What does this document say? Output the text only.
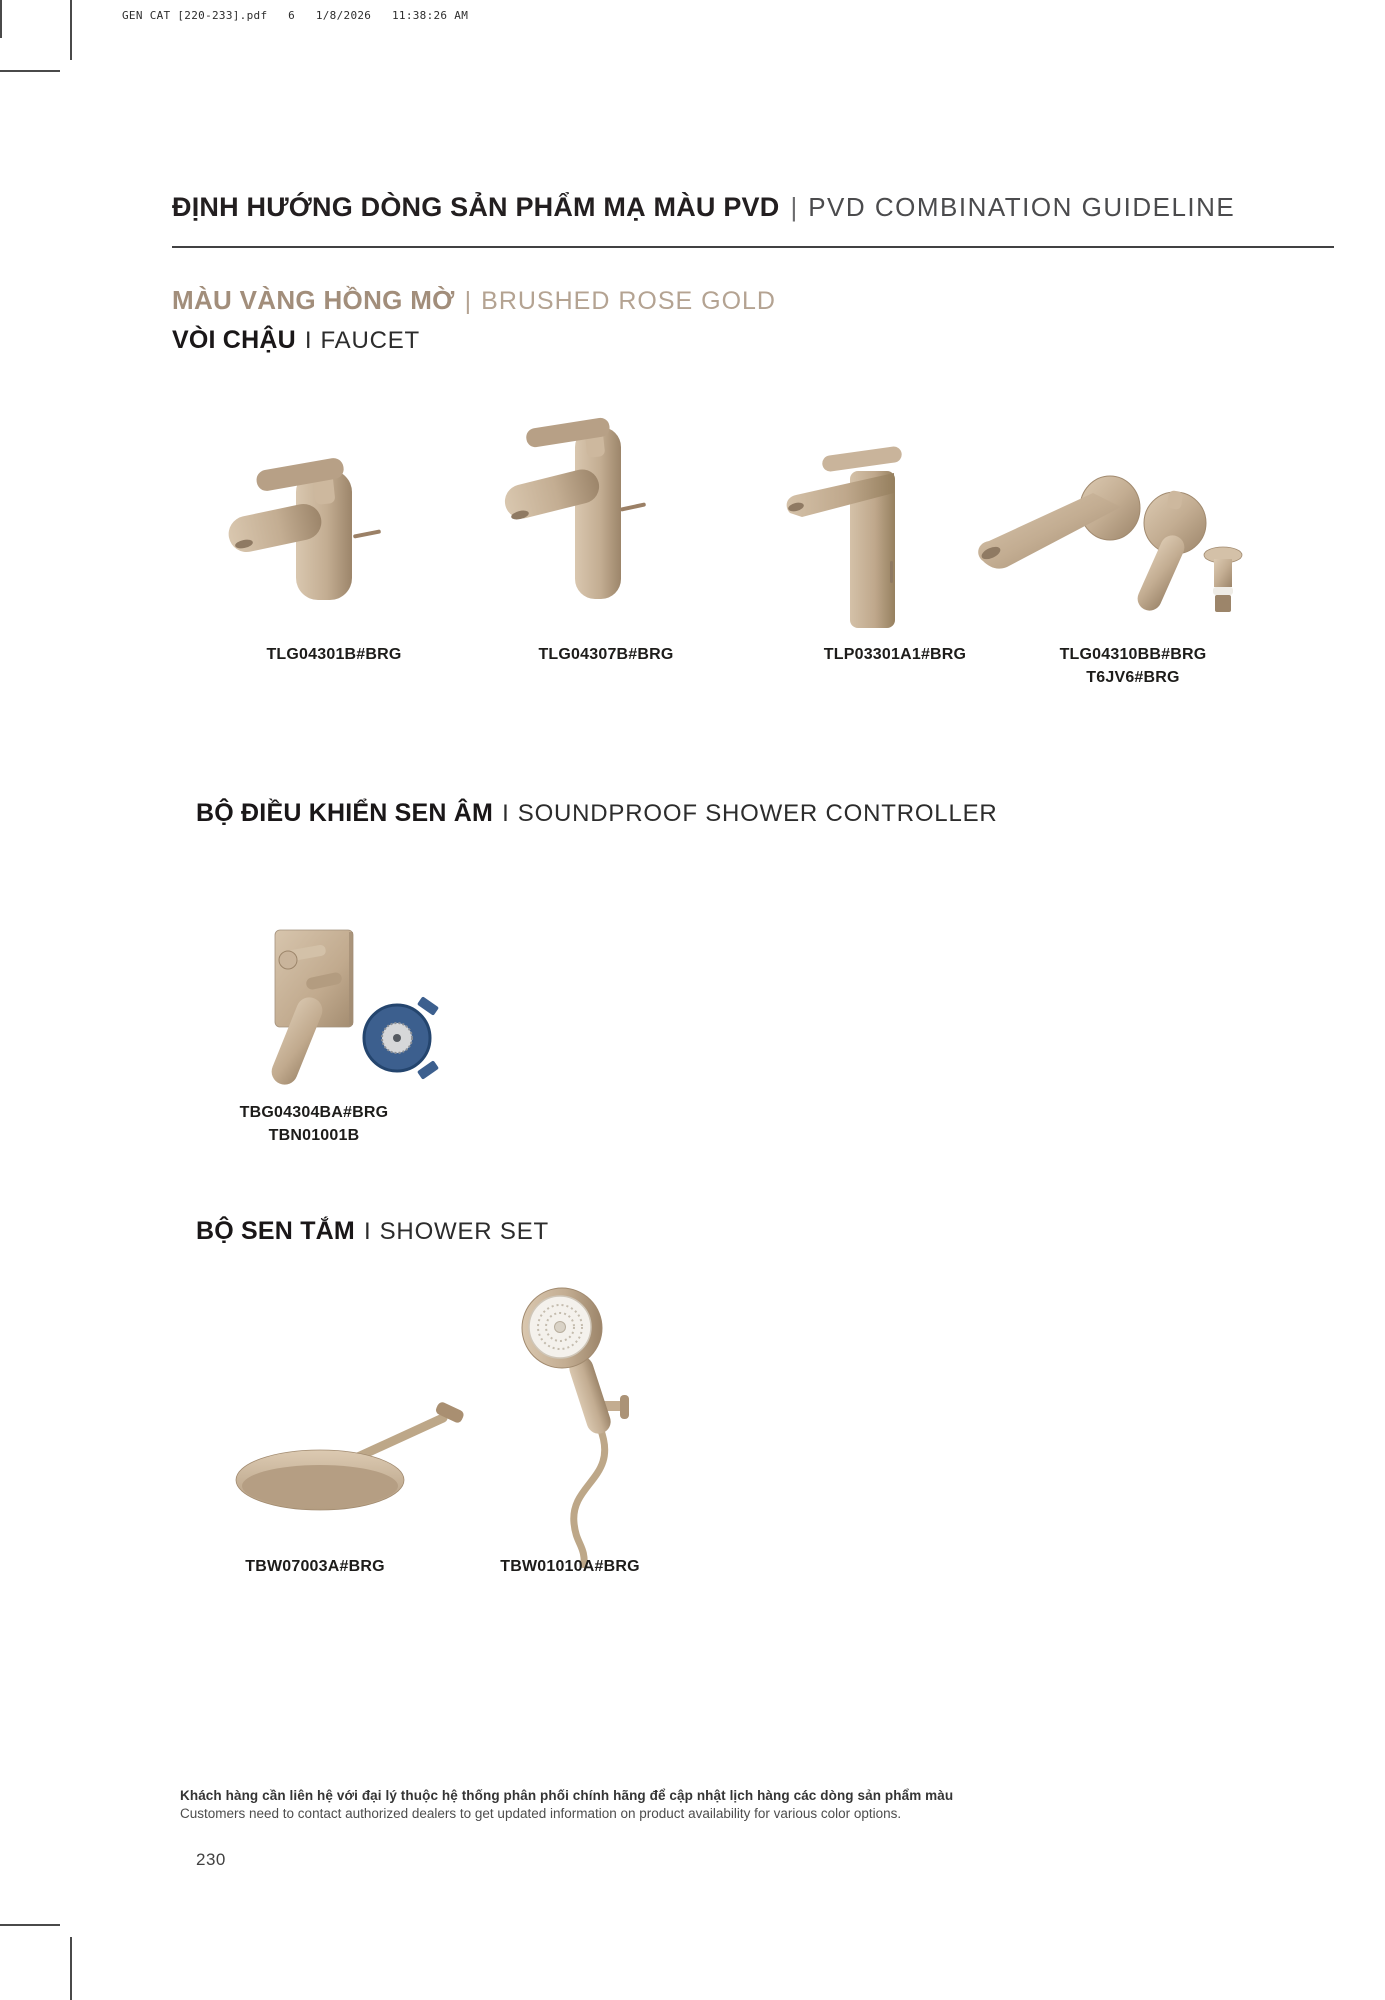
GEN CAT [220-233].pdf   6   1/8/2026   11:38:26 AM
ĐỊNH HƯỚNG DÒNG SẢN PHẨM MẠ MÀU PVD | PVD COMBINATION GUIDELINE
MÀU VÀNG HỒNG MỜ | BRUSHED ROSE GOLD
VÒI CHẬU I FAUCET
TLG04301B#BRG	TLG04307B#BRG	TLP03301A1#BRG	TLG04310BB#BRG
T6JV6#BRG
BỘ ĐIỀU KHIỂN SEN ÂM I SOUNDPROOF SHOWER CONTROLLER
TBG04304BA#BRG
TBN01001B
BỘ SEN TẮM I SHOWER SET
TBW07003A#BRG	TBW01010A#BRG
Khách hàng cần liên hệ với đại lý thuộc hệ thống phân phối chính hãng để cập nhật lịch hàng các dòng sản phẩm màu
Customers need to contact authorized dealers to get updated information on product availability for various color options.
230
